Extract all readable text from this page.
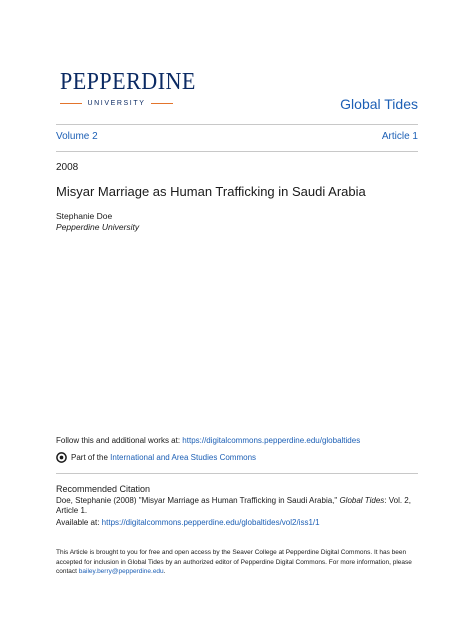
PEPPERDINE
UNIVERSITY	Global Tides
Volume 2	Article 1
2008
Misyar Marriage as Human Trafficking in Saudi Arabia
Stephanie Doe
Pepperdine University
Follow this and additional works at: https://digitalcommons.pepperdine.edu/globaltides
Part of the
International and Area Studies Commons
Recommended Citation
Doe, Stephanie (2008) "Misyar Marriage as Human Trafficking in Saudi Arabia," Global Tides: Vol. 2, Article 1.
Available at: https://digitalcommons.pepperdine.edu/globaltides/vol2/iss1/1
This Article is brought to you for free and open access by the Seaver College at Pepperdine Digital Commons. It has been accepted for inclusion in Global Tides by an authorized editor of Pepperdine Digital Commons. For more information, please contact bailey.berry@pepperdine.edu.
